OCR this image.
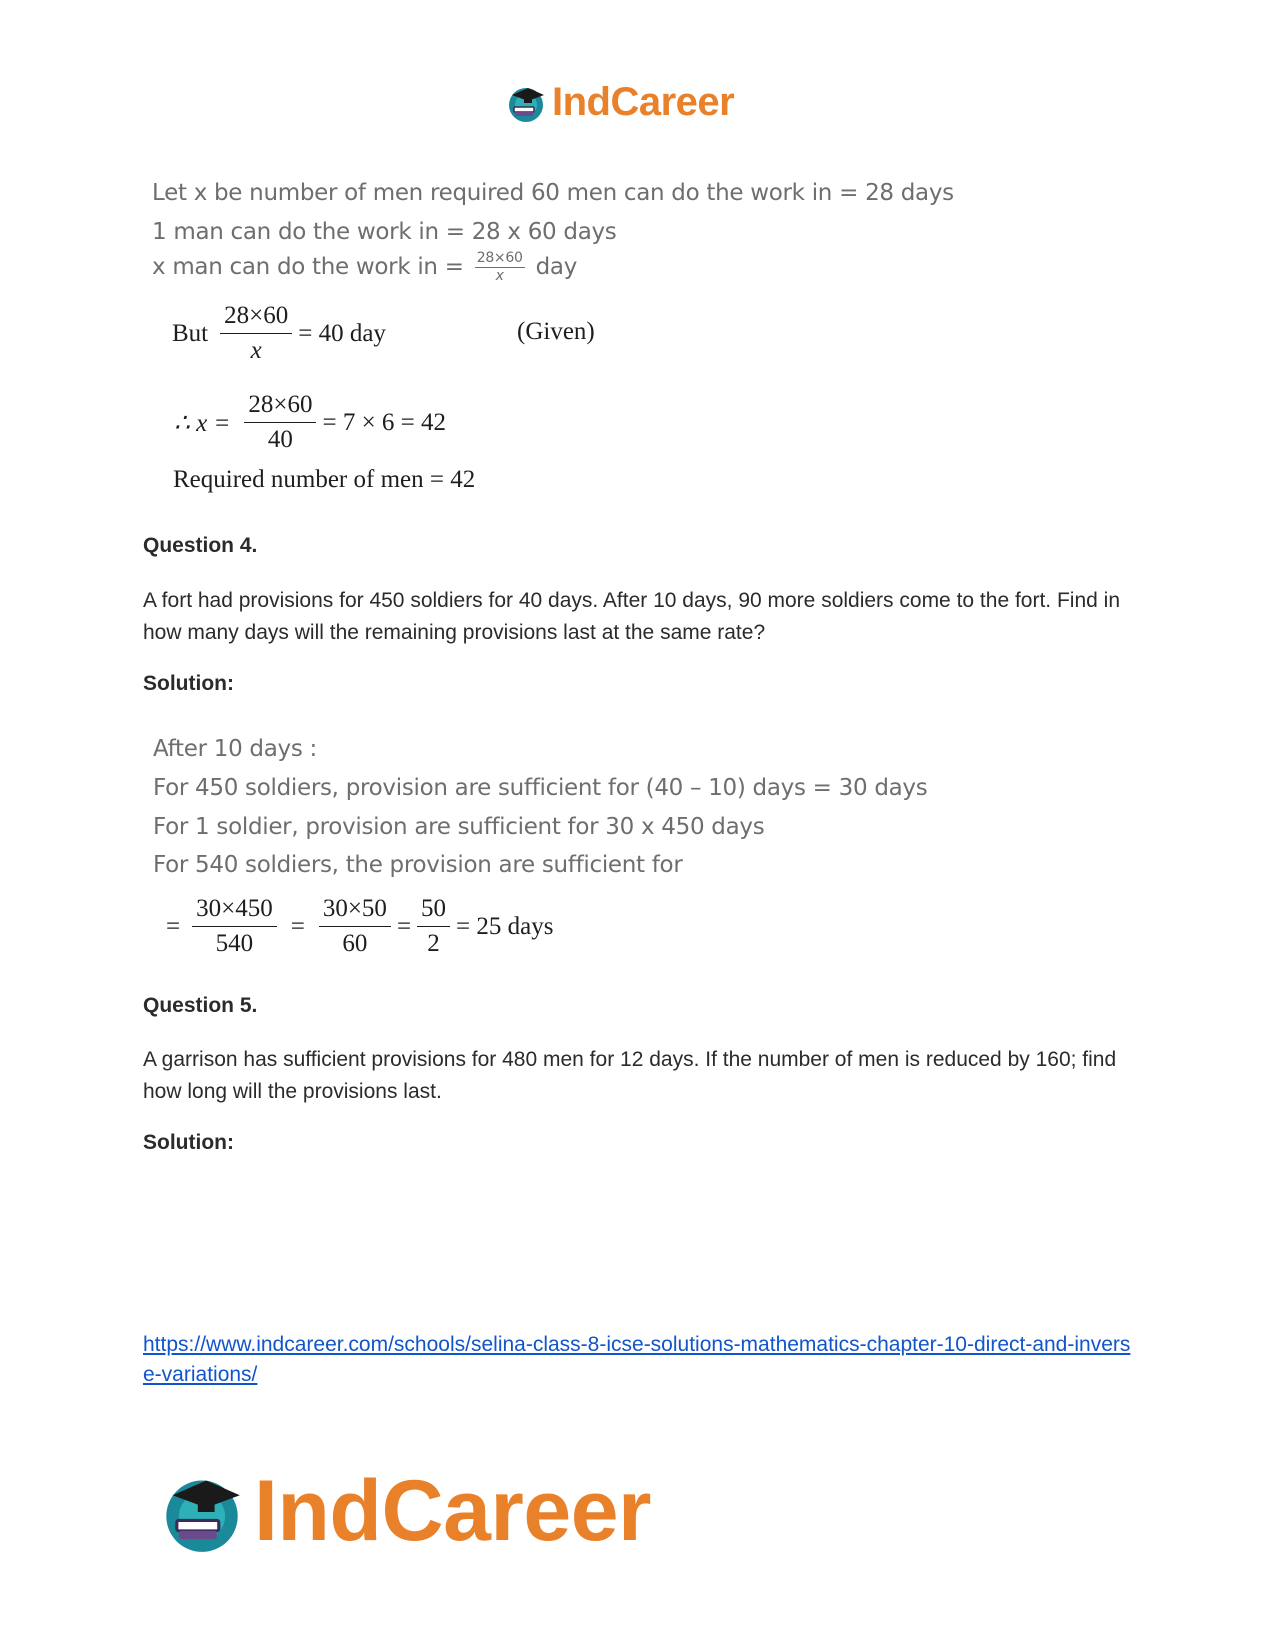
IndCareer
Let x be number of men required 60 men can do the work in = 28 days
1 man can do the work in = 28 x 60 days
x man can do the work in = $\frac{28\times 60}{x}$ day
But $\frac{28\times 60}{x} = 40$ day	(Given)
∴ $x = \frac{28\times 60}{40} = 7 \times 6 = 42$
Required number of men = 42
Question 4.
A fort had provisions for 450 soldiers for 40 days. After 10 days, 90 more soldiers come to the fort. Find in how many days will the remaining provisions last at the same rate?
Solution:
After 10 days :
For 450 soldiers, provision are sufficient for (40 – 10) days = 30 days
For 1 soldier, provision are sufficient for 30 x 450 days
For 540 soldiers, the provision are sufficient for
= $\frac{30\times 450}{540} = \frac{30\times 50}{60} = \frac{50}{2} = 25$ days
Question 5.
A garrison has sufficient provisions for 480 men for 12 days. If the number of men is reduced by 160; find how long will the provisions last.
Solution:
https://www.indcareer.com/schools/selina-class-8-icse-solutions-mathematics-chapter-10-direct-and-inverse-variations/
IndCareer
